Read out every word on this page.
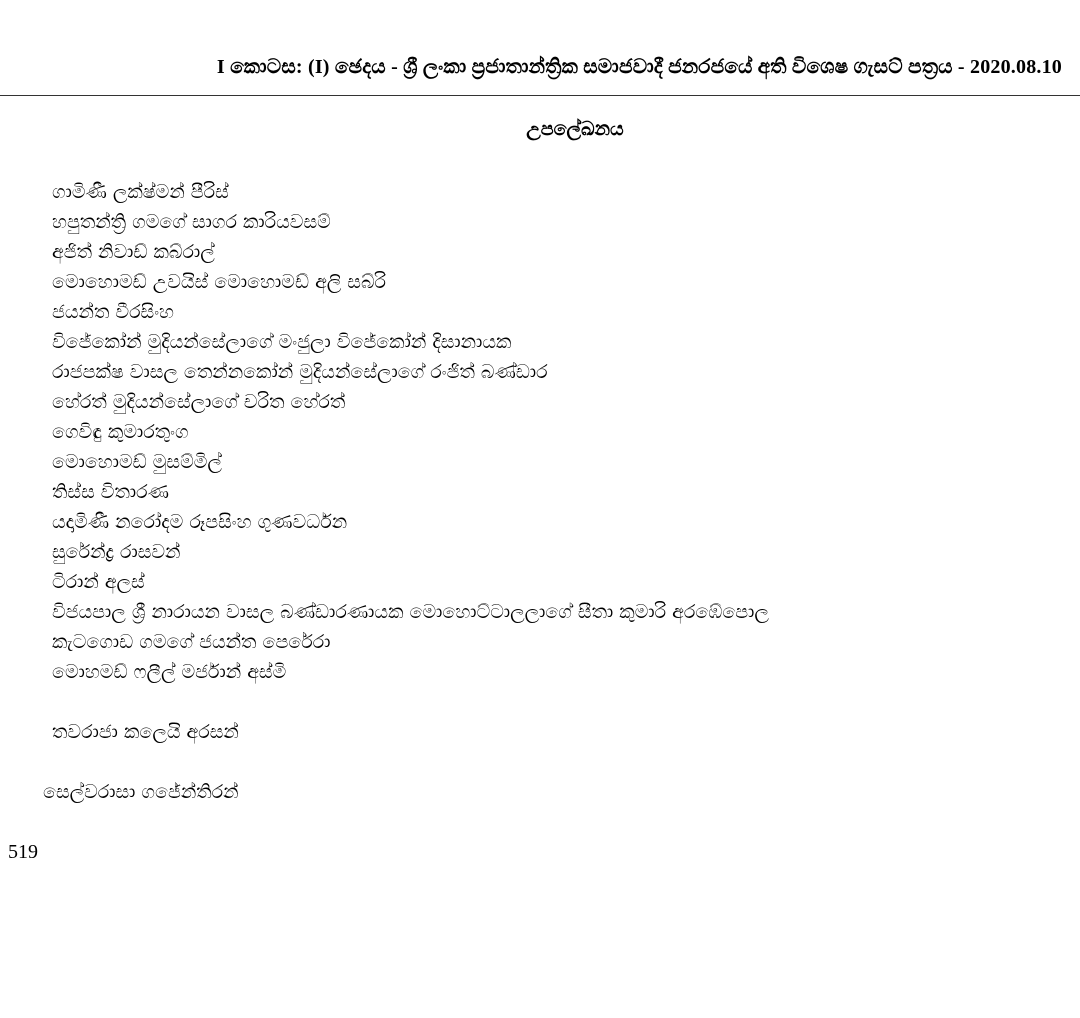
I කොටස: (I) ඡෙදය - ශ්‍රී ලංකා ප්‍රජාතාන්ත්‍රික සමාජවාදී ජනරජයේ අති විශෙෂ ගැසට් පත්‍රය - 2020.08.10
උපලේඛනය
ගාමිණී ලක්ෂ්මන් පීරිස්
හපුතන්ත්‍රි ගමගේ සාගර කාරියවසම්
අජිත් නිවාඩ් කබ්රාල්
මොහොමඩ් උවයිස් මොහොමඩ් අලි සබ්රි
ජයන්ත වීරසිංහ
විජේකෝන් මුදියන්සේලාගේ මංජුලා විජේකෝන් දිසානායක
රාජපක්ෂ වාසල තෙන්නකෝන් මුදියන්සේලාගේ රංජිත් බණ්ඩාර
හේරත් මුදියන්සේලාගේ චරිත හේරත්
ගෙවිඳු කුමාරතුංග
මොහොමඩ් මුසම්මිල්
තිස්ස විතාරණ
යදාමිණී නරෝදම රූපසිංහ ගුණවර්ධන
සුරේන්ද්‍ර රාසවන්
ටිරාන් අලස්
විජයපාල ශ්‍රී නාරායන වාසල බණ්ඩාරණායක මොහොට්ටාලලාගේ සීතා කුමාරි අරඹේපොල
කැටගොඩ ගමගේ ජයන්ත පෙරේරා
මොහමඩ් ෆලීල් මර්ජාන් අස්මි
තවරාජා කලෙයි අරසන්
සෙල්වරාසා ගජේන්තිරන්
519
